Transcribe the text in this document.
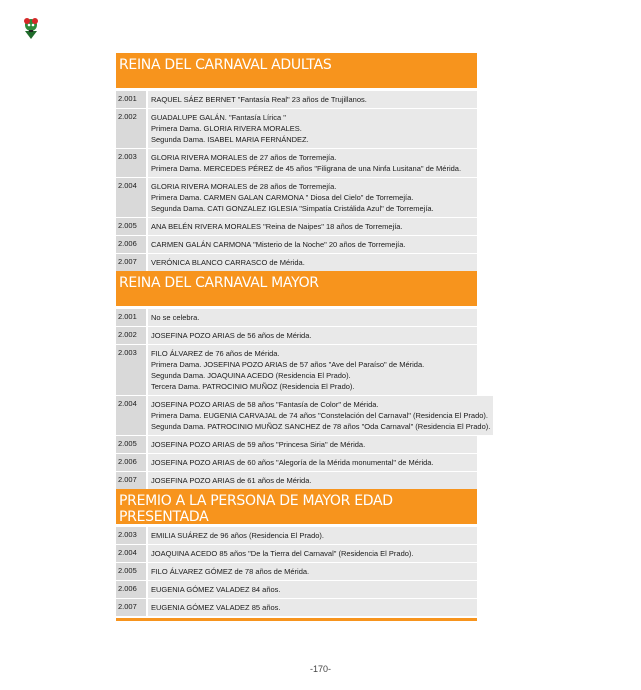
REINA DEL CARNAVAL ADULTAS
2.001	RAQUEL SÁEZ BERNET "Fantasía Real" 23 años de Trujillanos.
2.002	GUADALUPE GALÁN. "Fantasía Lírica "
Primera Dama. GLORIA RIVERA MORALES.
Segunda Dama. ISABEL MARIA FERNÁNDEZ.
2.003	GLORIA RIVERA MORALES de 27 años de Torremejía.
Primera Dama. MERCEDES PÉREZ de 45 años "Filigrana de una Ninfa Lusitana" de Mérida.
2.004	GLORIA RIVERA MORALES de 28 años de Torremejía.
Primera Dama. CARMEN GALAN CARMONA " Diosa del Cielo" de Torremejía.
Segunda Dama. CATI GONZALEZ IGLESIA "Simpatía Cristálida Azul" de Torremejía.
2.005	ANA BELÉN RIVERA MORALES "Reina de Naipes" 18 años de Torremejía.
2.006	CARMEN GALÁN CARMONA "Misterio de la Noche" 20 años de Torremejía.
2.007	VERÓNICA BLANCO CARRASCO de Mérida.
REINA DEL CARNAVAL MAYOR
2.001	No se celebra.
2.002	JOSEFINA POZO ARIAS de 56 años de Mérida.
2.003	FILO ÁLVAREZ de 76 años de Mérida.
Primera Dama. JOSEFINA POZO ARIAS de 57 años "Ave del Paraíso" de Mérida.
Segunda Dama. JOAQUINA ACEDO (Residencia El Prado).
Tercera Dama. PATROCINIO MUÑOZ (Residencia El Prado).
2.004	JOSEFINA POZO ARIAS de 58 años "Fantasía de Color" de Mérida.
Primera Dama. EUGENIA CARVAJAL de 74 años "Constelación del Carnaval" (Residencia El Prado).
Segunda Dama. PATROCINIO MUÑOZ SANCHEZ de 78 años "Oda Carnaval" (Residencia El Prado).
2.005	JOSEFINA POZO ARIAS de 59 años "Princesa Siria" de Mérida.
2.006	JOSEFINA POZO ARIAS de 60 años "Alegoría de la Mérida monumental" de Mérida.
2.007	JOSEFINA POZO ARIAS de 61 años de Mérida.
PREMIO A LA PERSONA DE MAYOR EDAD PRESENTADA
2.003	EMILIA SUÁREZ de 96 años (Residencia El Prado).
2.004	JOAQUINA ACEDO 85 años "De la Tierra del Carnaval" (Residencia El Prado).
2.005	FILO ÁLVAREZ GÓMEZ de 78 años de Mérida.
2.006	EUGENIA GÓMEZ VALADEZ 84 años.
2.007	EUGENIA GÓMEZ VALADEZ 85 años.
-170-
